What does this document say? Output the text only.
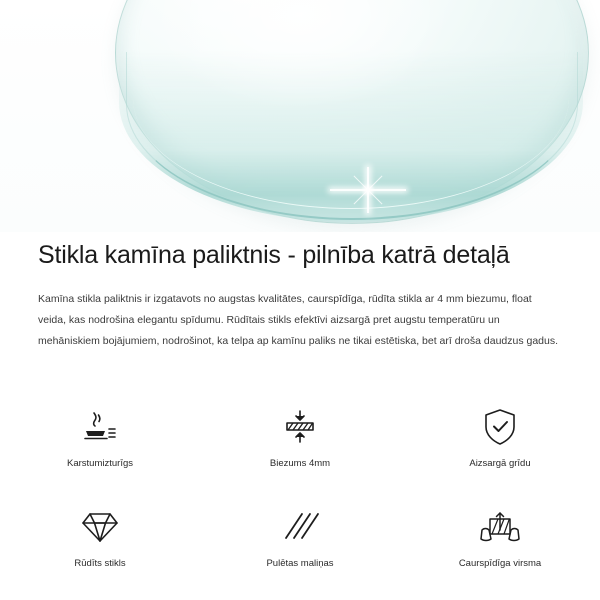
Stikla kamīna paliktnis - pilnība katrā detaļā

Kamīna stikla paliktnis ir izgatavots no augstas kvalitātes, caurspīdīga, rūdīta stikla ar 4 mm biezumu, float veida, kas nodrošina elegantu spīdumu. Rūdītais stikls efektīvi aizsargā pret augstu temperatūru un mehāniskiem bojājumiem, nodrošinot, ka telpa ap kamīnu paliks ne tikai estētiska, bet arī droša daudzus gadus.

Karstumizturīgs	Biezums 4mm	Aizsargā grīdu
Rūdīts stikls	Pulētas maliņas	Caurspīdīga virsma
